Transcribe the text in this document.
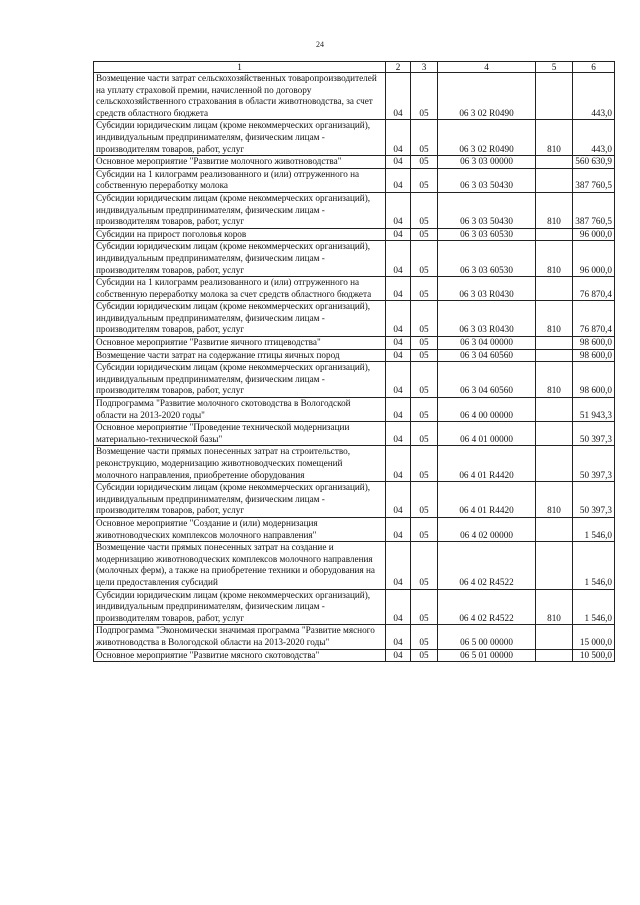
24
1	2	3	4	5	6
Возмещение части затрат сельскохозяйственных товаропроизводителей на уплату страховой премии, начисленной по договору сельскохозяйственного страхования в области животноводства, за счет средств областного бюджета	04	05	06 3 02 R0490		443,0
Субсидии юридическим лицам (кроме некоммерческих организаций), индивидуальным предпринимателям, физическим лицам - производителям товаров, работ, услуг	04	05	06 3 02 R0490	810	443,0
Основное мероприятие "Развитие молочного животноводства"	04	05	06 3 03 00000		560 630,9
Субсидии на 1 килограмм реализованного и (или) отгруженного на собственную переработку молока	04	05	06 3 03 50430		387 760,5
Субсидии юридическим лицам (кроме некоммерческих организаций), индивидуальным предпринимателям, физическим лицам - производителям товаров, работ, услуг	04	05	06 3 03 50430	810	387 760,5
Субсидии на прирост поголовья коров	04	05	06 3 03 60530		96 000,0
Субсидии юридическим лицам (кроме некоммерческих организаций), индивидуальным предпринимателям, физическим лицам - производителям товаров, работ, услуг	04	05	06 3 03 60530	810	96 000,0
Субсидии на 1 килограмм реализованного и (или) отгруженного на собственную переработку молока за счет средств областного бюджета	04	05	06 3 03 R0430		76 870,4
Субсидии юридическим лицам (кроме некоммерческих организаций), индивидуальным предпринимателям, физическим лицам - производителям товаров, работ, услуг	04	05	06 3 03 R0430	810	76 870,4
Основное мероприятие "Развитие яичного птицеводства"	04	05	06 3 04 00000		98 600,0
Возмещение части затрат на содержание птицы яичных пород	04	05	06 3 04 60560		98 600,0
Субсидии юридическим лицам (кроме некоммерческих организаций), индивидуальным предпринимателям, физическим лицам - производителям товаров, работ, услуг	04	05	06 3 04 60560	810	98 600,0
Подпрограмма "Развитие молочного скотоводства в Вологодской области на 2013-2020 годы"	04	05	06 4 00 00000		51 943,3
Основное мероприятие "Проведение технической модернизации материально-технической базы"	04	05	06 4 01 00000		50 397,3
Возмещение части прямых понесенных затрат на строительство, реконструкцию, модернизацию животноводческих помещений молочного направления, приобретение оборудования	04	05	06 4 01 R4420		50 397,3
Субсидии юридическим лицам (кроме некоммерческих организаций), индивидуальным предпринимателям, физическим лицам - производителям товаров, работ, услуг	04	05	06 4 01 R4420	810	50 397,3
Основное мероприятие "Создание и (или) модернизация животноводческих комплексов молочного направления"	04	05	06 4 02 00000		1 546,0
Возмещение части прямых понесенных затрат на создание и модернизацию животноводческих комплексов молочного направления (молочных ферм), а также на приобретение техники и оборудования на цели предоставления субсидий	04	05	06 4 02 R4522		1 546,0
Субсидии юридическим лицам (кроме некоммерческих организаций), индивидуальным предпринимателям, физическим лицам - производителям товаров, работ, услуг	04	05	06 4 02 R4522	810	1 546,0
Подпрограмма "Экономически значимая программа "Развитие мясного животноводства в Вологодской области на 2013-2020 годы"	04	05	06 5 00 00000		15 000,0
Основное мероприятие "Развитие мясного скотоводства"	04	05	06 5 01 00000		10 500,0
